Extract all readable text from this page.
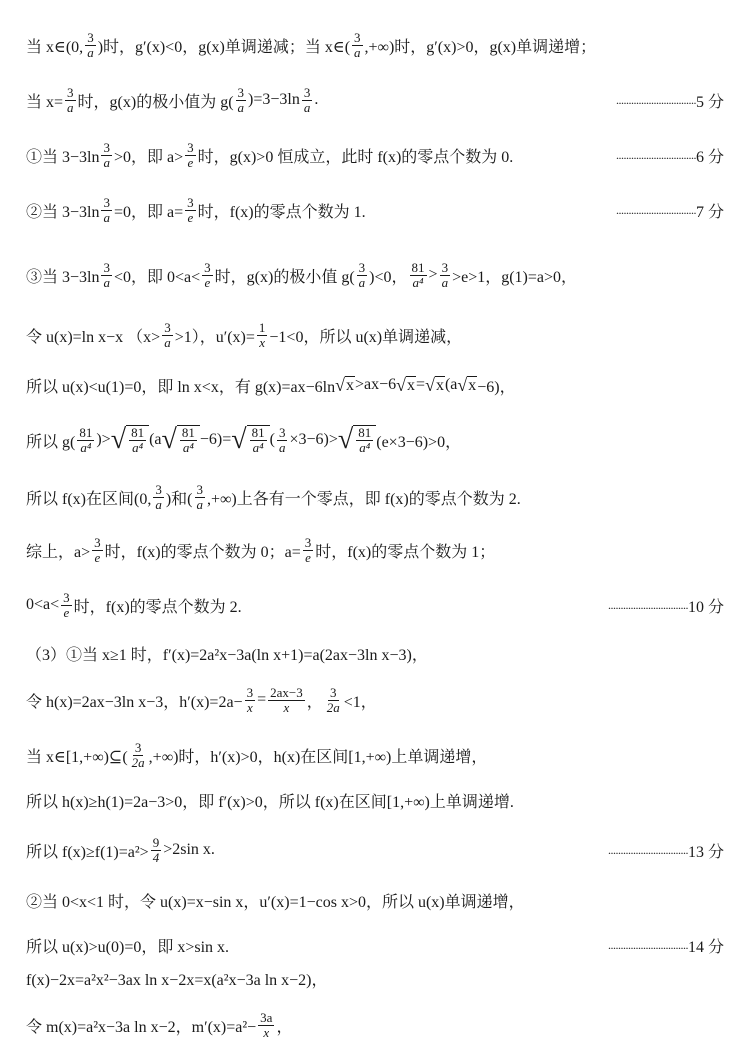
当 x∈(0, $\frac{3}{a}$ )时，g′(x)<0，g(x)单调递减；当 x∈( $\frac{3}{a}$ ,+∞)时，g′(x)>0，g(x)单调递增；
当 $x= \frac{3}{a}$ 时，g(x)的极小值为 $g( \frac{3}{a} )=3-3\ln \frac{3}{a}$ .	................................ 5 分
①当 $3-3\ln \frac{3}{a} >0$，即 $a> \frac{3}{e}$ 时，g(x)>0 恒成立，此时 f(x)的零点个数为 0.	................................ 6 分
②当 $3-3\ln \frac{3}{a} =0$，即 $a= \frac{3}{e}$ 时，f(x)的零点个数为 1.	................................ 7 分
③当 $3-3\ln \frac{3}{a} <0$，即 $0<a< \frac{3}{e}$ 时，g(x)的极小值 $g( \frac{3}{a} )<0$， $\frac{81}{\text{a⁴}} > \frac{3}{a} >e>1$，g(1)=a>0，
令 u(x)=ln x−x $(x> \frac{3}{a} >1)$，$u'(x)= \frac{1}{x} -1<0$，所以 u(x)单调递减，
所以 u(x)<u(1)=0，即 ln x<x，有 g(x)=ax−6ln √ x >ax−6 √ x = √ x (a √ x −6)，
所以 $g( \frac{81}{\text{a⁴}}$ )> √ $\frac{81}{\text{a⁴}} (a$ √ $\frac{81}{\text{a⁴}} -6)=$ √ $\frac{81}{\text{a⁴}}$ ( $\frac{3}{a} \times 3-6)>$ √ $\frac{81}{\text{a⁴}} (e\times 3-6)>0$，
所以 f(x)在区间(0, $\frac{3}{a}$ )和( $\frac{3}{a}$ ,+∞)上各有一个零点，即 f(x)的零点个数为 2.
综上，$a> \frac{3}{e}$ 时，f(x)的零点个数为 0；$a= \frac{3}{e}$ 时，f(x)的零点个数为 1；
$0<a< \frac{3}{e}$ 时，f(x)的零点个数为 2.	................................ 10 分
（3）①当 x≥1 时，f′(x)=2a²x−3a(ln x+1)=a(2ax−3ln x−3)，
令 h(x)=2ax−3ln x−3，$h'(x)=2a- \frac{3}{x} = \frac{2ax-3}{x}$ ， $\frac{3}{2a} <1$，
当 x∈[1,+∞)⊆( $\frac{3}{2a}$ ,+∞)时，h′(x)>0，h(x)在区间[1,+∞)上单调递增，
所以 h(x)≥h(1)=2a−3>0，即 f′(x)>0，所以 f(x)在区间[1,+∞)上单调递增.
所以 $f(x)\ge f(1)=a^2> \frac{9}{4} >2\sin$ x.	................................ 13 分
②当 0<x<1 时，令 u(x)=x−sin x，u′(x)=1−cos x>0，所以 u(x)单调递增，
所以 u(x)>u(0)=0，即 x>sin x.	................................ 14 分
f(x)−2x=a²x²−3ax ln x−2x=x(a²x−3a ln x−2)，
令 m(x)=a²x−3a ln x−2，$m'(x)=a^2- \frac{3a}{x}$ ，
